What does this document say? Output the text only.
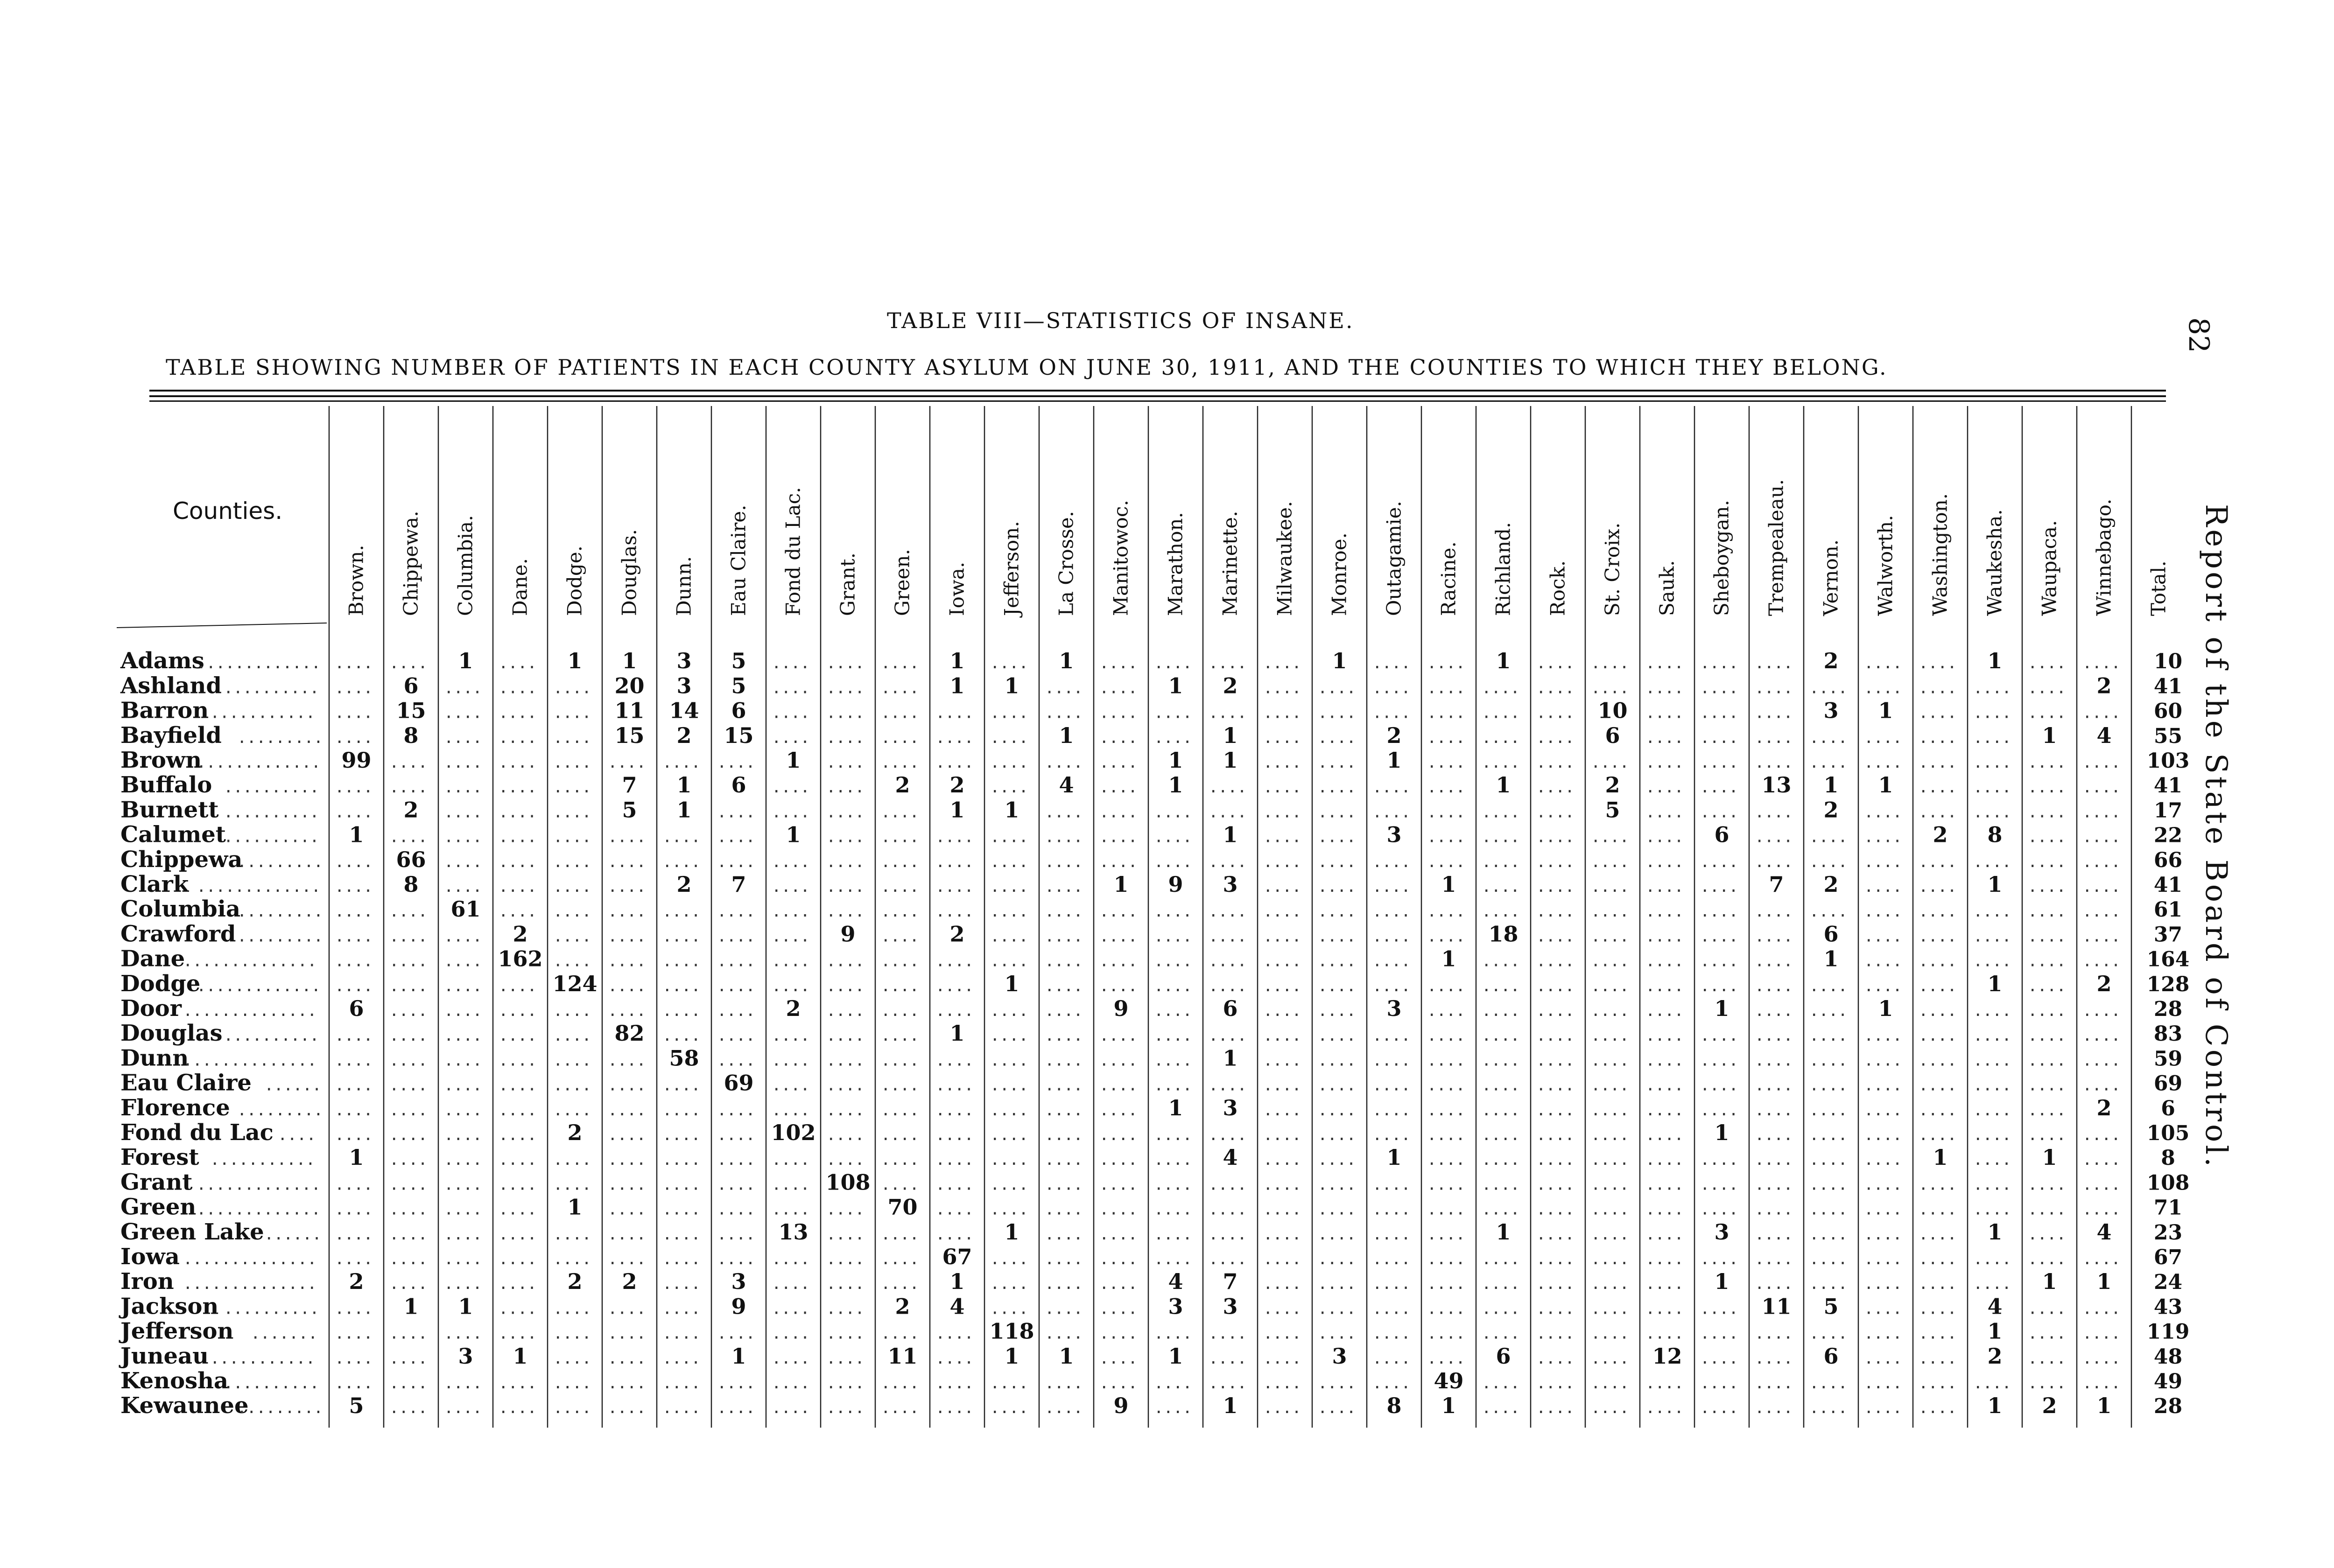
82
TABLE VIII—STATISTICS OF INSANE.
TABLE SHOWING NUMBER OF PATIENTS IN EACH COUNTY ASYLUM ON JUNE 30, 1911, AND THE COUNTIES TO WHICH THEY BELONG.
Report of the State Board of Control.
Counties.
Brown. Chippewa. Columbia. Dane. Dodge. Douglas. Dunn. Eau Claire. Fond du Lac. Grant. Green. Iowa. Jefferson. La Crosse. Manitowoc. Marathon. Marinette. Milwaukee. Monroe. Outagamie. Racine. Richland. Rock. St. Croix. Sauk. Sheboygan. Trempealeau. Vernon. Walworth. Washington. Waukesha. Waupaca. Winnebago. Total.
Adams
............. .... .... 1 .... 1 1 3 5 .... .... .... 1 .... 1 .... .... .... .... 1 .... .... 1 .... .... .... .... .... 2 .... .... 1 .... .... 10
Ashland .......... .... 6 .... .... .... 20 3 5 .... .... .... 1 1 .... .... 1 2 .... .... .... .... .... .... .... .... .... .... .... .... .... .... .... 2 41
Barron ........... .... 15 .... .... .... 11 14 6 .... .... .... .... .... .... .... .... .... .... .... .... .... .... .... 10 .... .... .... 3 1 .... .... .... .... 60
Bayfield ......... .... 8 .... .... .... 15 2 15 .... .... .... .... .... 1 .... .... 1 .... .... 2 .... .... .... 6 .... .... .... .... .... .... .... 1 4 55
Brown
............. 99 .... .... .... .... .... .... .... 1 .... .... .... .... .... .... 1 1 .... .... 1 .... .... .... .... .... .... .... .... .... .... .... .... .... 103
Buffalo .......... .... .... .... .... .... 7 1 6 .... .... 2 2 .... 4 .... 1 .... .... .... .... .... 1 .... 2 .... .... 13 1 1 .... .... .... .... 41
Burnett .......... .... 2 .... .... .... 5 1 .... .... .... .... 1 1 .... .... .... .... .... .... .... .... .... .... 5 .... .... .... 2 .... .... .... .... .... 17
Calumet
.......... 1 .... .... .... .... .... .... .... 1 .... .... .... .... .... .... .... 1 .... .... 3 .... .... .... .... .... 6 .... .... .... 2 8 .... .... 22
Chippewa
......... .... 66 .... .... .... .... .... .... .... .... .... .... .... .... .... .... .... .... .... .... .... .... .... .... .... .... .... .... .... .... .... .... .... 66
Clark ............. .... 8 .... .... .... .... 2 7 .... .... .... .... .... .... 1 9 3 .... .... .... 1 .... .... .... .... .... 7 2 .... .... 1 .... .... 41
Columbia
......... .... .... 61 .... .... .... .... .... .... .... .... .... .... .... .... .... .... .... .... .... .... .... .... .... .... .... .... .... .... .... .... .... .... 61
Crawford ......... .... .... .... 2 .... .... .... .... .... 9 .... 2 .... .... .... .... .... .... .... .... .... 18 .... .... .... .... .... 6 .... .... .... .... .... 37
Dane
.............. .... .... .... 162 .... .... .... .... .... .... .... .... .... .... .... .... .... .... .... .... 1 .... .... .... .... .... .... 1 .... .... .... .... .... 164
Dodge
............. .... .... .... .... 124 .... .... .... .... .... .... .... 1 .... .... .... .... .... .... .... .... .... .... .... .... .... .... .... .... .... 1 .... 2 128
Door .............. 6 .... .... .... .... .... .... .... 2 .... .... .... .... .... 9 .... 6 .... .... 3 .... .... .... .... .... 1 .... .... 1 .... .... .... .... 28
Douglas .......... .... .... .... .... .... 82 .... .... .... .... .... 1 .... .... .... .... .... .... .... .... .... .... .... .... .... .... .... .... .... .... .... .... .... 83
Dunn
.............. .... .... .... .... .... .... 58 .... .... .... .... .... .... .... .... .... 1 .... .... .... .... .... .... .... .... .... .... .... .... .... .... .... .... 59
Eau Claire ...... .... .... .... .... .... .... .... 69 .... .... .... .... .... .... .... .... .... .... .... .... .... .... .... .... .... .... .... .... .... .... .... .... .... 69
Florence ......... .... .... .... .... .... .... .... .... .... .... .... .... .... .... .... 1 3 .... .... .... .... .... .... .... .... .... .... .... .... .... .... .... 2 6
Fond du Lac .... .... .... .... .... 2 .... .... .... 102 .... .... .... .... .... .... .... .... .... .... .... .... .... .... .... .... 1 .... .... .... .... .... .... .... 105
Forest ........... 1 .... .... .... .... .... .... .... .... .... .... .... .... .... .... .... 4 .... .... 1 .... .... .... .... .... .... .... .... .... 1 .... 1 .... 8
Grant ............. .... .... .... .... .... .... .... .... .... 108 .... .... .... .... .... .... .... .... .... .... .... .... .... .... .... .... .... .... .... .... .... .... .... 108
Green ............. .... .... .... .... 1 .... .... .... .... .... 70 .... .... .... .... .... .... .... .... .... .... .... .... .... .... .... .... .... .... .... .... .... .... 71
Green Lake ...... .... .... .... .... .... .... .... .... 13 .... .... .... 1 .... .... .... .... .... .... .... .... 1 .... .... .... 3 .... .... .... .... 1 .... 4 23
Iowa .............. .... .... .... .... .... .... .... .... .... .... .... 67 .... .... .... .... .... .... .... .... .... .... .... .... .... .... .... .... .... .... .... .... .... 67
Iron .............. 2 .... .... .... 2 2 .... 3 .... .... .... 1 .... .... .... 4 7 .... .... .... .... .... .... .... .... 1 .... .... .... .... .... 1 1 24
Jackson .......... .... 1 1 .... .... .... .... 9 .... .... 2 4 .... .... .... 3 3 .... .... .... .... .... .... .... .... .... 11 5 .... .... 4 .... .... 43
Jefferson ....... .... .... .... .... .... .... .... .... .... .... .... .... 118 .... .... .... .... .... .... .... .... .... .... .... .... .... .... .... .... .... 1 .... .... 119
Juneau ........... .... .... 3 1 .... .... .... 1 .... .... 11 .... 1 1 .... 1 .... .... 3 .... .... 6 .... .... 12 .... .... 6 .... .... 2 .... .... 48
Kenosha
.......... .... .... .... .... .... .... .... .... .... .... .... .... .... .... .... .... .... .... .... .... 49 .... .... .... .... .... .... .... .... .... .... .... .... 49
Kewaunee
......... 5 .... .... .... .... .... .... .... .... .... .... .... .... .... 9 .... 1 .... .... 8 1 .... .... .... .... .... .... .... .... .... 1 2 1 28
